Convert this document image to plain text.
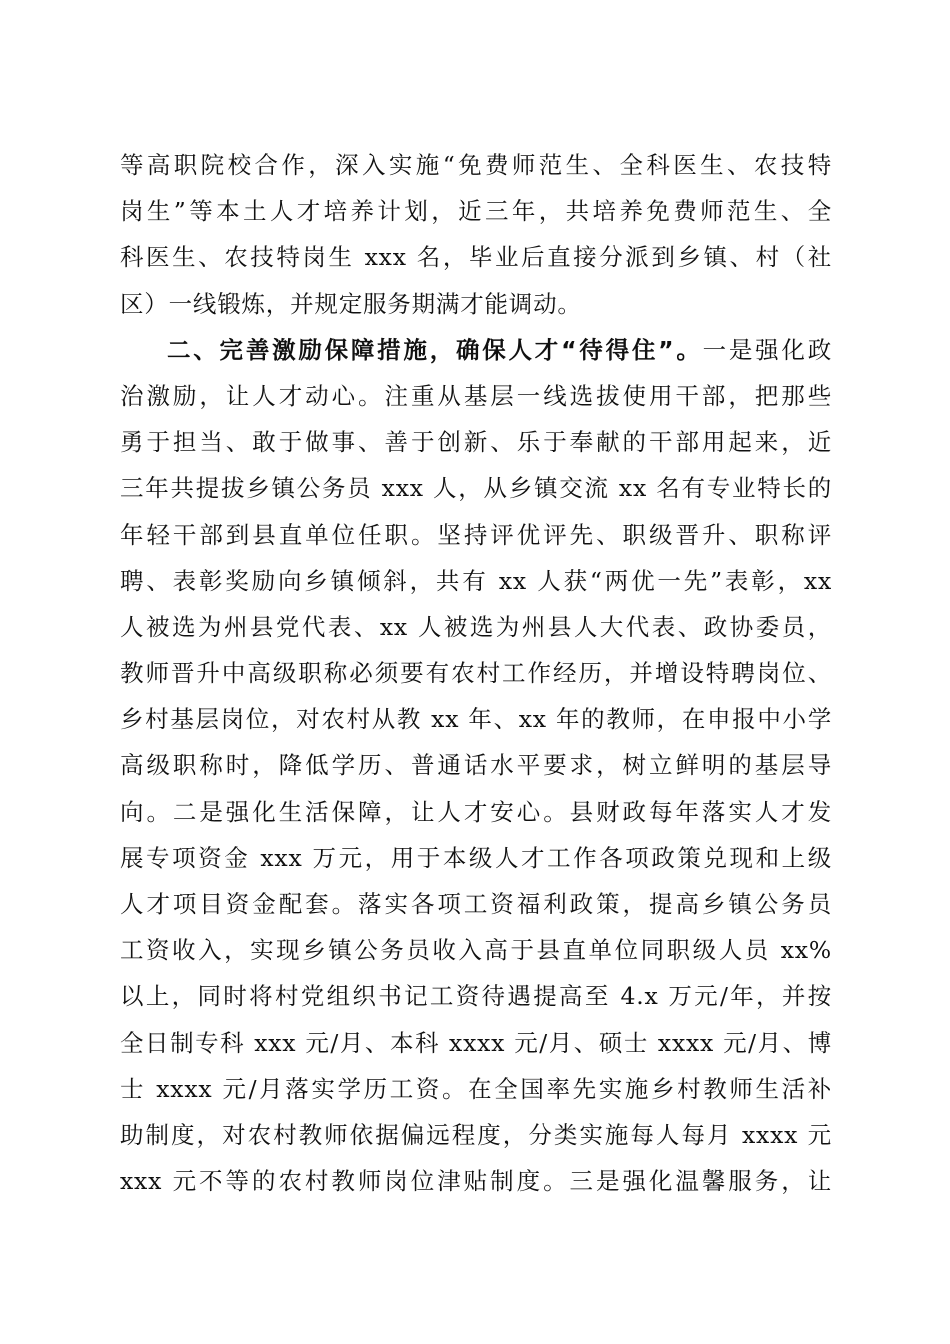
等高职院校合作，深入实施“免费师范生、全科医生、农技特
岗生”等本土人才培养计划，近三年，共培养免费师范生、全
科医生、农技特岗生 xxx 名，毕业后直接分派到乡镇、村（社
区）一线锻炼，并规定服务期满才能调动。
二、完善激励保障措施，确保人才“待得住”。一是强化政
治激励，让人才动心。注重从基层一线选拔使用干部，把那些
勇于担当、敢于做事、善于创新、乐于奉献的干部用起来，近
三年共提拔乡镇公务员 xxx 人，从乡镇交流 xx 名有专业特长的
年轻干部到县直单位任职。坚持评优评先、职级晋升、职称评
聘、表彰奖励向乡镇倾斜，共有 xx 人获“两优一先”表彰，xx
人被选为州县党代表、xx 人被选为州县人大代表、政协委员，
教师晋升中高级职称必须要有农村工作经历，并增设特聘岗位、
乡村基层岗位，对农村从教 xx 年、xx 年的教师，在申报中小学
高级职称时，降低学历、普通话水平要求，树立鲜明的基层导
向。二是强化生活保障，让人才安心。县财政每年落实人才发
展专项资金 xxx 万元，用于本级人才工作各项政策兑现和上级
人才项目资金配套。落实各项工资福利政策，提高乡镇公务员
工资收入，实现乡镇公务员收入高于县直单位同职级人员 xx%
以上，同时将村党组织书记工资待遇提高至 4.x 万元/年，并按
全日制专科 xxx 元/月、本科 xxxx 元/月、硕士 xxxx 元/月、博
士 xxxx 元/月落实学历工资。在全国率先实施乡村教师生活补
助制度，对农村教师依据偏远程度，分类实施每人每月 xxxx 元
xxx 元不等的农村教师岗位津贴制度。三是强化温馨服务，让
